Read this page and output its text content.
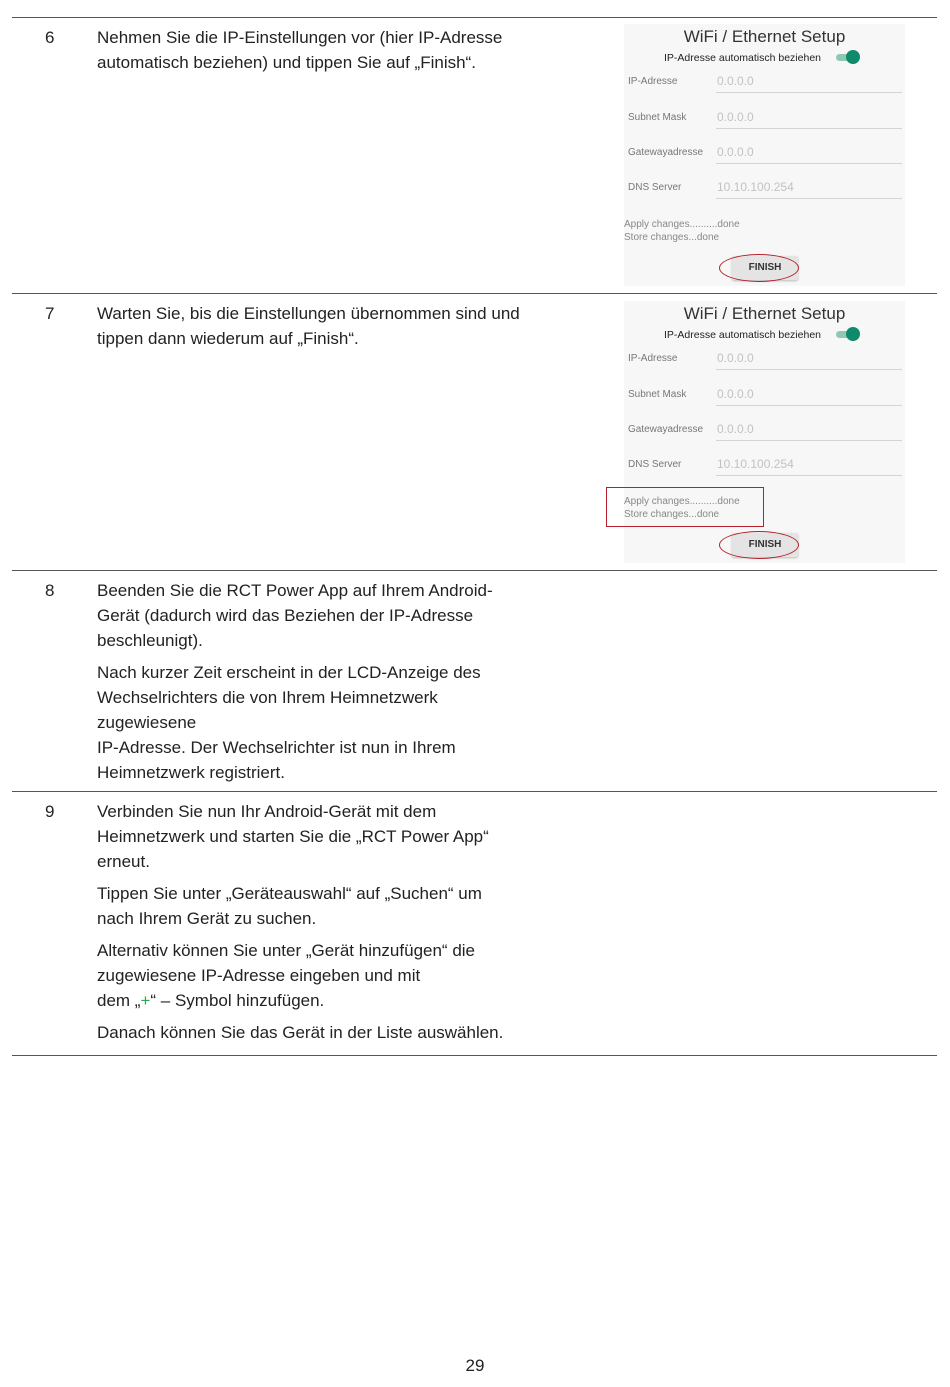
6	Nehmen Sie die IP-Einstellungen vor (hier IP-Adresse automatisch beziehen) und tippen Sie auf „Finish“.

WiFi / Ethernet Setup
IP-Adresse automatisch beziehen
IP-Adresse	0.0.0.0
Subnet Mask	0.0.0.0
Gatewayadresse 0.0.0.0
DNS Server	10.10.100.254
Apply changes..........done
Store changes...done
FINISH
7	Warten Sie, bis die Einstellungen übernommen sind und tippen dann wiederum auf „Finish“.

WiFi / Ethernet Setup
IP-Adresse automatisch beziehen
IP-Adresse	0.0.0.0
Subnet Mask	0.0.0.0
Gatewayadresse 0.0.0.0
DNS Server	10.10.100.254
Apply changes..........done
Store changes...done
FINISH
8	Beenden Sie die RCT Power App auf Ihrem Android-Gerät (dadurch wird das Beziehen der IP-Adresse beschleunigt).

Nach kurzer Zeit erscheint in der LCD-Anzeige des Wechselrichters die von Ihrem Heimnetzwerk zugewiesene

IP-Adresse. Der Wechselrichter ist nun in Ihrem Heimnetzwerk registriert.

9	Verbinden Sie nun Ihr Android-Gerät mit dem Heimnetzwerk und starten Sie die „RCT Power App“ erneut.

Tippen Sie unter „Geräteauswahl“ auf „Suchen“ um nach Ihrem Gerät zu suchen.

Alternativ können Sie unter „Gerät hinzufügen“ die zugewiesene IP-Adresse eingeben und mit

dem „+“ – Symbol hinzufügen.

Danach können Sie das Gerät in der Liste auswählen.

29
